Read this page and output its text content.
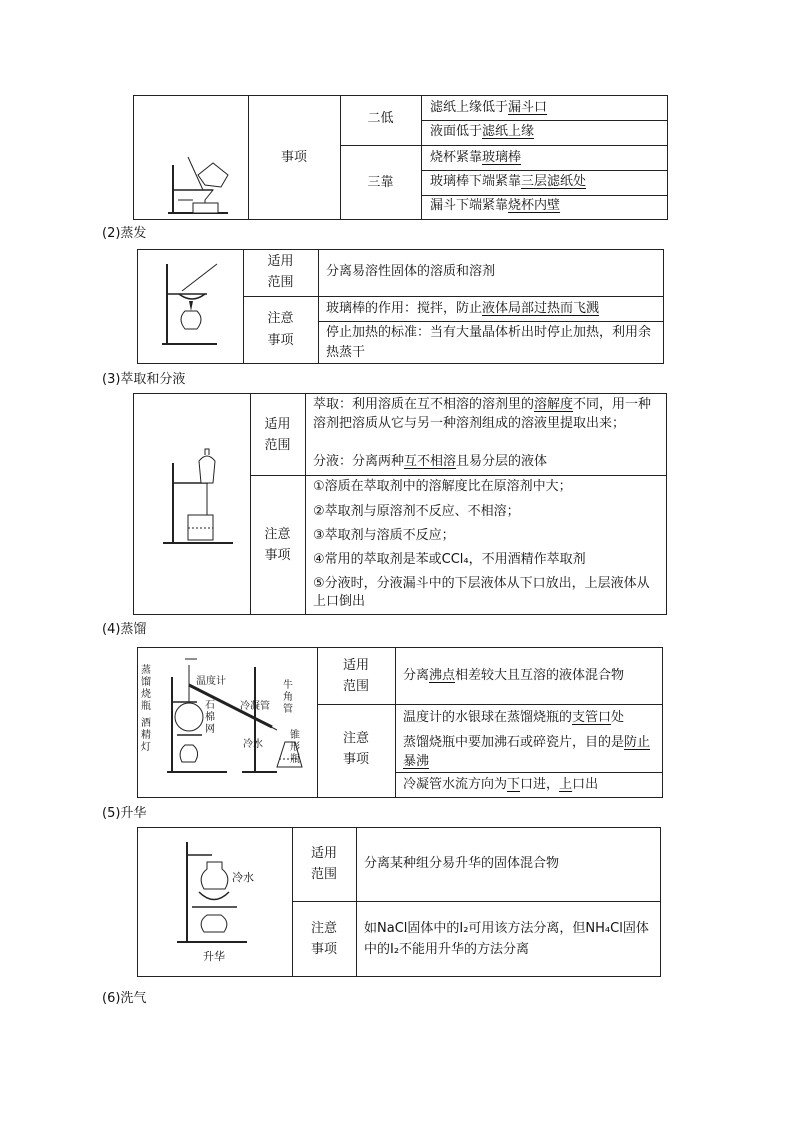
事项
二低
三靠
滤纸上缘低于漏斗口
液面低于滤纸上缘
烧杯紧靠玻璃棒
玻璃棒下端紧靠三层滤纸处
漏斗下端紧靠烧杯内壁
(2)蒸发
适用
范围
分离易溶性固体的溶质和溶剂
注意
事项
玻璃棒的作用：搅拌，防止液体局部过热而飞溅
停止加热的标准：当有大量晶体析出时停止加热，利用余热蒸干
(3)萃取和分液
适用
范围
萃取：利用溶质在互不相溶的溶剂里的溶解度不同，用一种溶剂把溶质从它与另一种溶剂组成的溶液里提取出来；
分液：分离两种互不相溶且易分层的液体
注意
事项
①溶质在萃取剂中的溶解度比在原溶剂中大；
②萃取剂与原溶剂不反应、不相溶；
③萃取剂与溶质不反应；
④常用的萃取剂是苯或CCl₄，不用酒精作萃取剂
⑤分液时，分液漏斗中的下层液体从下口放出，上层液体从上口倒出
(4)蒸馏
蒸馏烧瓶
酒精灯
温度计
冷凝管
牛角管
石棉网
冷水
锥形瓶
适用
范围
分离沸点相差较大且互溶的液体混合物
注意
事项
温度计的水银球在蒸馏烧瓶的支管口处
蒸馏烧瓶中要加沸石或碎瓷片，目的是防止暴沸
冷凝管水流方向为下口进，上口出
(5)升华
冷水
升华
适用
范围
分离某种组分易升华的固体混合物
注意
事项
如NaCl固体中的I₂可用该方法分离，但NH₄Cl固体中的I₂不能用升华的方法分离
(6)洗气
